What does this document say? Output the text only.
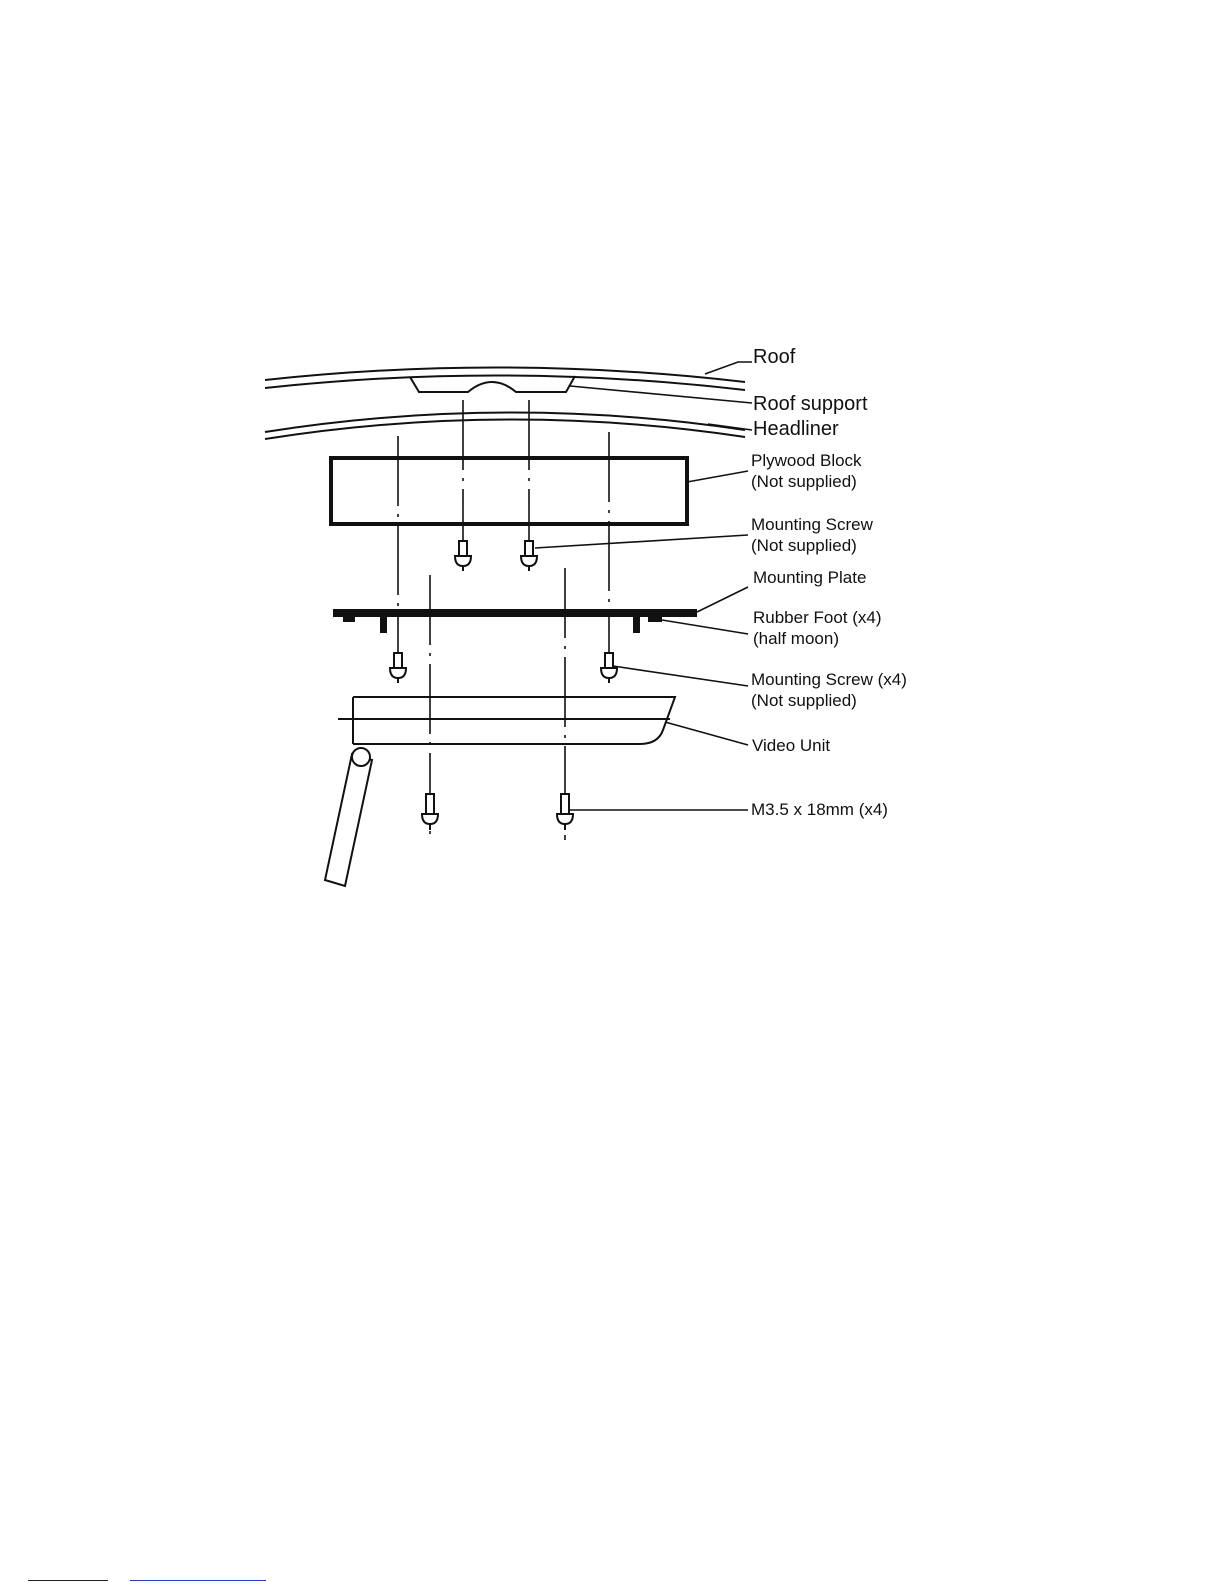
Roof
Roof support
Headliner
Plywood Block
(Not supplied)
Mounting Screw
(Not supplied)
Mounting Plate
Rubber Foot (x4)
(half moon)
Mounting Screw (x4)
(Not supplied)
Video Unit
M3.5 x 18mm (x4)
